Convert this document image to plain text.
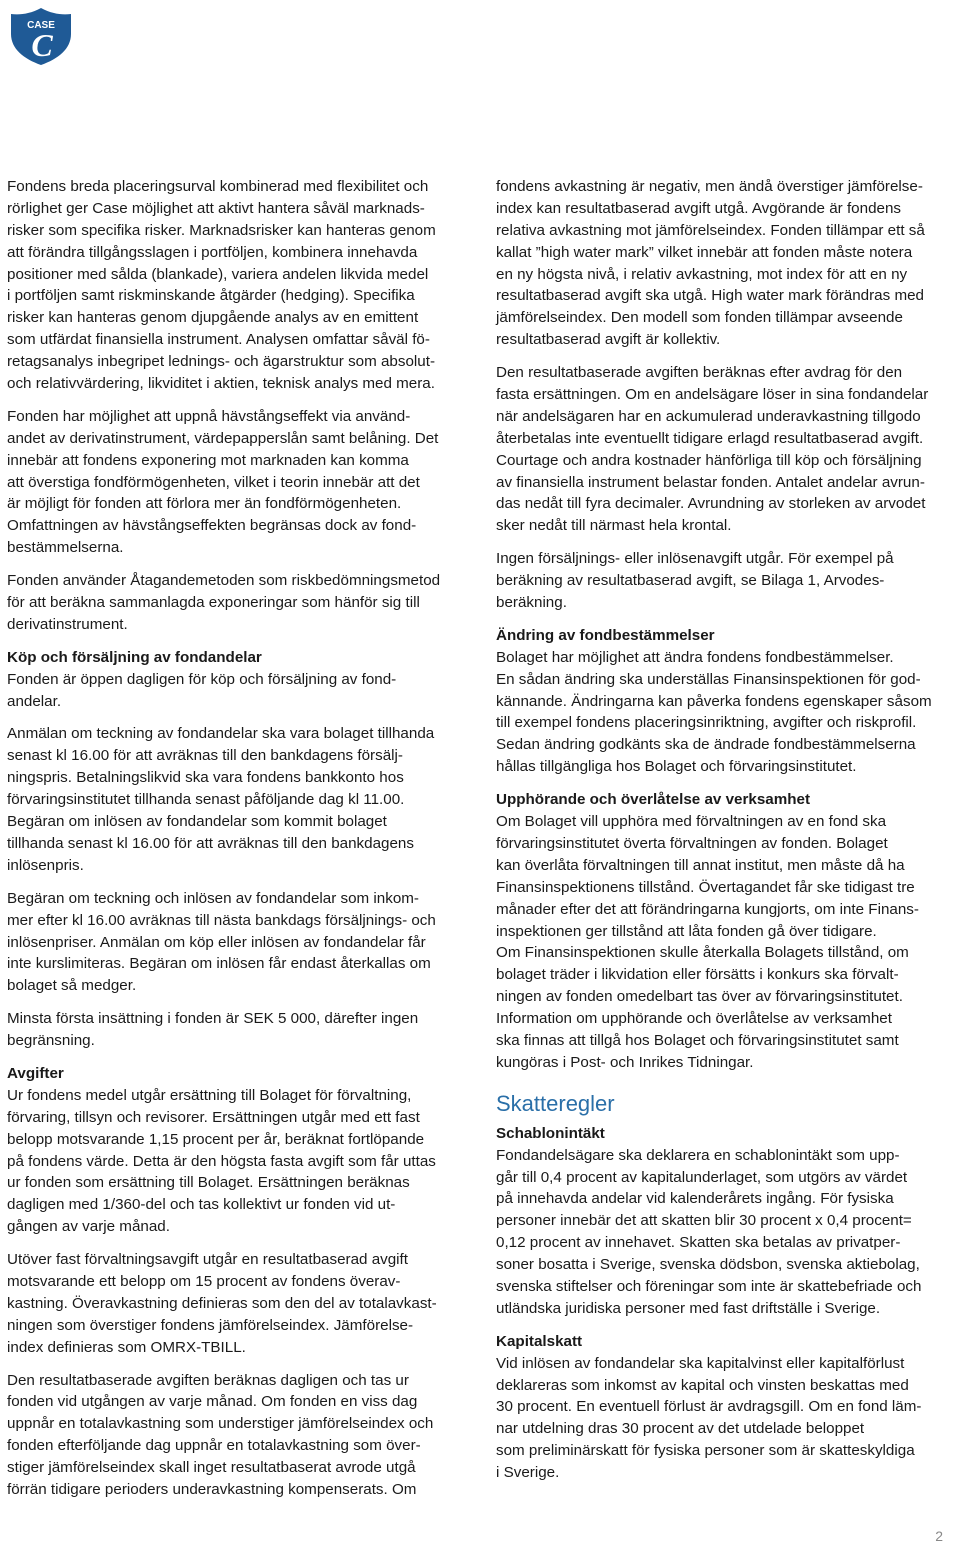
CASE
C
Fondens breda placeringsurval kombinerad med flexibilitet och
rörlighet ger Case möjlighet att aktivt hantera såväl marknads-
risker som specifika risker. Marknadsrisker kan hanteras genom
att förändra tillgångsslagen i portföljen, kombinera innehavda
positioner med sålda (blankade), variera andelen likvida medel
i portföljen samt riskminskande åtgärder (hedging). Specifika
risker kan hanteras genom djupgående analys av en emittent
som utfärdat finansiella instrument. Analysen omfattar såväl fö-
retagsanalys inbegripet lednings- och ägarstruktur som absolut-
och relativvärdering, likviditet i aktien, teknisk analys med mera.
Fonden har möjlighet att uppnå hävstångseffekt via använd-
andet av derivatinstrument, värdepapperslån samt belåning. Det
innebär att fondens exponering mot marknaden kan komma
att överstiga fondförmögenheten, vilket i teorin innebär att det
är möjligt för fonden att förlora mer än fondförmögenheten.
Omfattningen av hävstångseffekten begränsas dock av fond-
bestämmelserna.
Fonden använder Åtagandemetoden som riskbedömningsmetod
för att beräkna sammanlagda exponeringar som hänför sig till
derivatinstrument.
Köp och försäljning av fondandelar
Fonden är öppen dagligen för köp och försäljning av fond-
andelar.
Anmälan om teckning av fondandelar ska vara bolaget tillhanda
senast kl 16.00 för att avräknas till den bankdagens försälj-
ningspris. Betalningslikvid ska vara fondens bankkonto hos
förvaringsinstitutet tillhanda senast påföljande dag kl 11.00.
Begäran om inlösen av fondandelar som kommit bolaget
tillhanda senast kl 16.00 för att avräknas till den bankdagens
inlösenpris.
Begäran om teckning och inlösen av fondandelar som inkom-
mer efter kl 16.00 avräknas till nästa bankdags försäljnings- och
inlösenpriser. Anmälan om köp eller inlösen av fondandelar får
inte kurslimiteras. Begäran om inlösen får endast återkallas om
bolaget så medger.
Minsta första insättning i fonden är SEK 5 000, därefter ingen
begränsning.
Avgifter
Ur fondens medel utgår ersättning till Bolaget för förvaltning,
förvaring, tillsyn och revisorer. Ersättningen utgår med ett fast
belopp motsvarande 1,15 procent per år, beräknat fortlöpande
på fondens värde. Detta är den högsta fasta avgift som får uttas
ur fonden som ersättning till Bolaget. Ersättningen beräknas
dagligen med 1/360-del och tas kollektivt ur fonden vid ut-
gången av varje månad.
Utöver fast förvaltningsavgift utgår en resultatbaserad avgift
motsvarande ett belopp om 15 procent av fondens överav-
kastning. Överavkastning definieras som den del av totalavkast-
ningen som överstiger fondens jämförelseindex. Jämförelse-
index definieras som OMRX-TBILL.
Den resultatbaserade avgiften beräknas dagligen och tas ur
fonden vid utgången av varje månad. Om fonden en viss dag
uppnår en totalavkastning som understiger jämförelseindex och
fonden efterföljande dag uppnår en totalavkastning som över-
stiger jämförelseindex skall inget resultatbaserat avrode utgå
förrän tidigare perioders underavkastning kompenserats. Om
fondens avkastning är negativ, men ändå överstiger jämförelse-
index kan resultatbaserad avgift utgå. Avgörande är fondens
relativa avkastning mot jämförelseindex. Fonden tillämpar ett så
kallat ”high water mark” vilket innebär att fonden måste notera
en ny högsta nivå, i relativ avkastning, mot index för att en ny
resultatbaserad avgift ska utgå. High water mark förändras med
jämförelseindex. Den modell som fonden tillämpar avseende
resultatbaserad avgift är kollektiv.
Den resultatbaserade avgiften beräknas efter avdrag för den
fasta ersättningen. Om en andelsägare löser in sina fondandelar
när andelsägaren har en ackumulerad underavkastning tillgodo
återbetalas inte eventuellt tidigare erlagd resultatbaserad avgift.
Courtage och andra kostnader hänförliga till köp och försäljning
av finansiella instrument belastar fonden. Antalet andelar avrun-
das nedåt till fyra decimaler. Avrundning av storleken av arvodet
sker nedåt till närmast hela krontal.
Ingen försäljnings- eller inlösenavgift utgår. För exempel på
beräkning av resultatbaserad avgift, se Bilaga 1, Arvodes-
beräkning.
Ändring av fondbestämmelser
Bolaget har möjlighet att ändra fondens fondbestämmelser.
En sådan ändring ska underställas Finansinspektionen för god-
kännande. Ändringarna kan påverka fondens egenskaper såsom
till exempel fondens placeringsinriktning, avgifter och riskprofil.
Sedan ändring godkänts ska de ändrade fondbestämmelserna
hållas tillgängliga hos Bolaget och förvaringsinstitutet.
Upphörande och överlåtelse av verksamhet
Om Bolaget vill upphöra med förvaltningen av en fond ska
förvaringsinstitutet överta förvaltningen av fonden. Bolaget
kan överlåta förvaltningen till annat institut, men måste då ha
Finansinspektionens tillstånd. Övertagandet får ske tidigast tre
månader efter det att förändringarna kungjorts, om inte Finans-
inspektionen ger tillstånd att låta fonden gå över tidigare.
Om Finansinspektionen skulle återkalla Bolagets tillstånd, om
bolaget träder i likvidation eller försätts i konkurs ska förvalt-
ningen av fonden omedelbart tas över av förvaringsinstitutet.
Information om upphörande och överlåtelse av verksamhet
ska finnas att tillgå hos Bolaget och förvaringsinstitutet samt
kungöras i Post- och Inrikes Tidningar.
Skatteregler
Schablonintäkt
Fondandelsägare ska deklarera en schablonintäkt som upp-
går till 0,4 procent av kapitalunderlaget, som utgörs av värdet
på innehavda andelar vid kalenderårets ingång. För fysiska
personer innebär det att skatten blir 30 procent x 0,4 procent=
0,12 procent av innehavet. Skatten ska betalas av privatper-
soner bosatta i Sverige, svenska dödsbon, svenska aktiebolag,
svenska stiftelser och föreningar som inte är skattebefriade och
utländska juridiska personer med fast driftställe i Sverige.
Kapitalskatt
Vid inlösen av fondandelar ska kapitalvinst eller kapitalförlust
deklareras som inkomst av kapital och vinsten beskattas med
30 procent. En eventuell förlust är avdragsgill. Om en fond läm-
nar utdelning dras 30 procent av det utdelade beloppet
som preliminärskatt för fysiska personer som är skatteskyldiga
i Sverige.
2
